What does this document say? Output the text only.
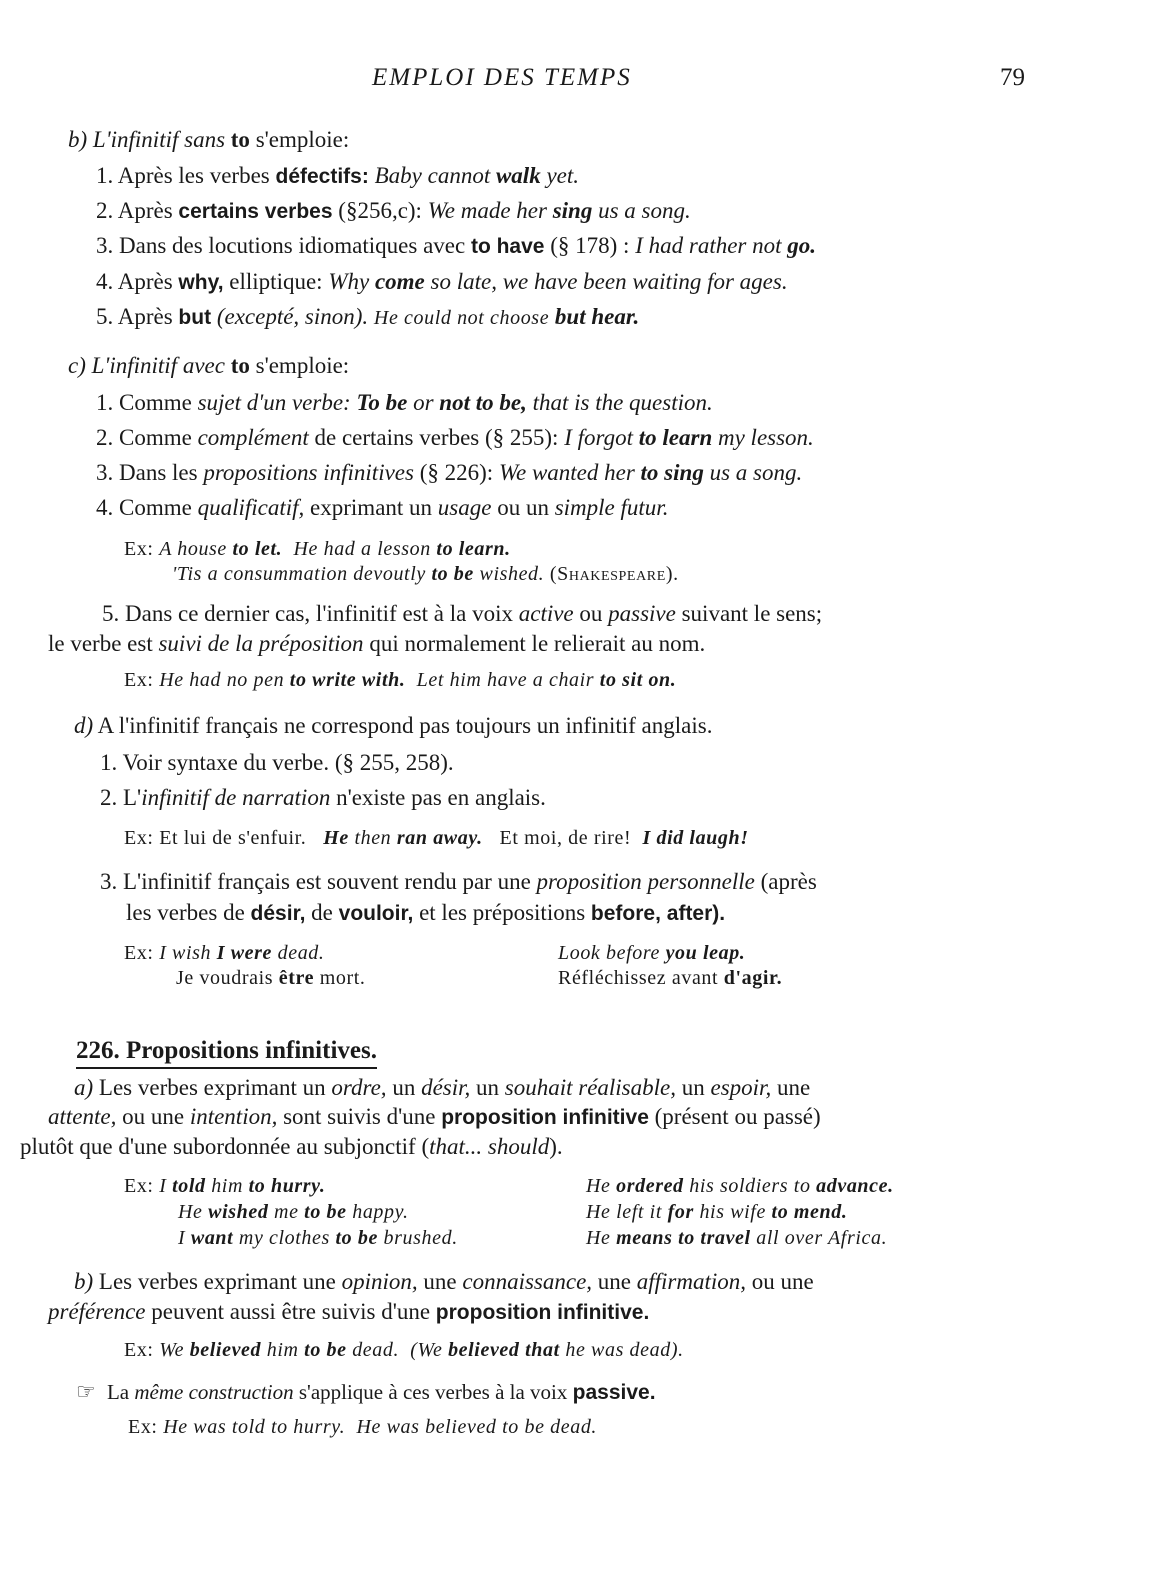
EMPLOI DES TEMPS	79
b) L'infinitif sans to s'emploie:
1. Après les verbes défectifs: Baby cannot walk yet.
2. Après certains verbes (§256,c): We made her sing us a song.
3. Dans des locutions idiomatiques avec to have (§ 178) : I had rather not go.
4. Après why, elliptique: Why come so late, we have been waiting for ages.
5. Après but (excepté, sinon). He could not choose but hear.
c) L'infinitif avec to s'emploie:
1. Comme sujet d'un verbe: To be or not to be, that is the question.
2. Comme complément de certains verbes (§ 255): I forgot to learn my lesson.
3. Dans les propositions infinitives (§ 226): We wanted her to sing us a song.
4. Comme qualificatif, exprimant un usage ou un simple futur.
Ex: A house to let. He had a lesson to learn.
'Tis a consummation devoutly to be wished. (Shakespeare).
5. Dans ce dernier cas, l'infinitif est à la voix active ou passive suivant le sens;
le verbe est suivi de la préposition qui normalement le relierait au nom.
Ex: He had no pen to write with. Let him have a chair to sit on.
d) A l'infinitif français ne correspond pas toujours un infinitif anglais.
1. Voir syntaxe du verbe. (§ 255, 258).
2. L'infinitif de narration n'existe pas en anglais.
Ex: Et lui de s'enfuir. He then ran away. Et moi, de rire! I did laugh!
3. L'infinitif français est souvent rendu par une proposition personnelle (après
les verbes de désir, de vouloir, et les prépositions before, after).
Ex: I wish I were dead.
Je voudrais être mort.
Look before you leap.
Réfléchissez avant d'agir.
226. Propositions infinitives.
a) Les verbes exprimant un ordre, un désir, un souhait réalisable, un espoir, une
attente, ou une intention, sont suivis d'une proposition infinitive (présent ou passé)
plutôt que d'une subordonnée au subjonctif (that... should).
Ex: I told him to hurry.
He wished me to be happy.
I want my clothes to be brushed.
He ordered his soldiers to advance.
He left it for his wife to mend.
He means to travel all over Africa.
b) Les verbes exprimant une opinion, une connaissance, une affirmation, ou une
préférence peuvent aussi être suivis d'une proposition infinitive.
Ex: We believed him to be dead. (We believed that he was dead).
☞ La même construction s'applique à ces verbes à la voix passive.
Ex: He was told to hurry. He was believed to be dead.
